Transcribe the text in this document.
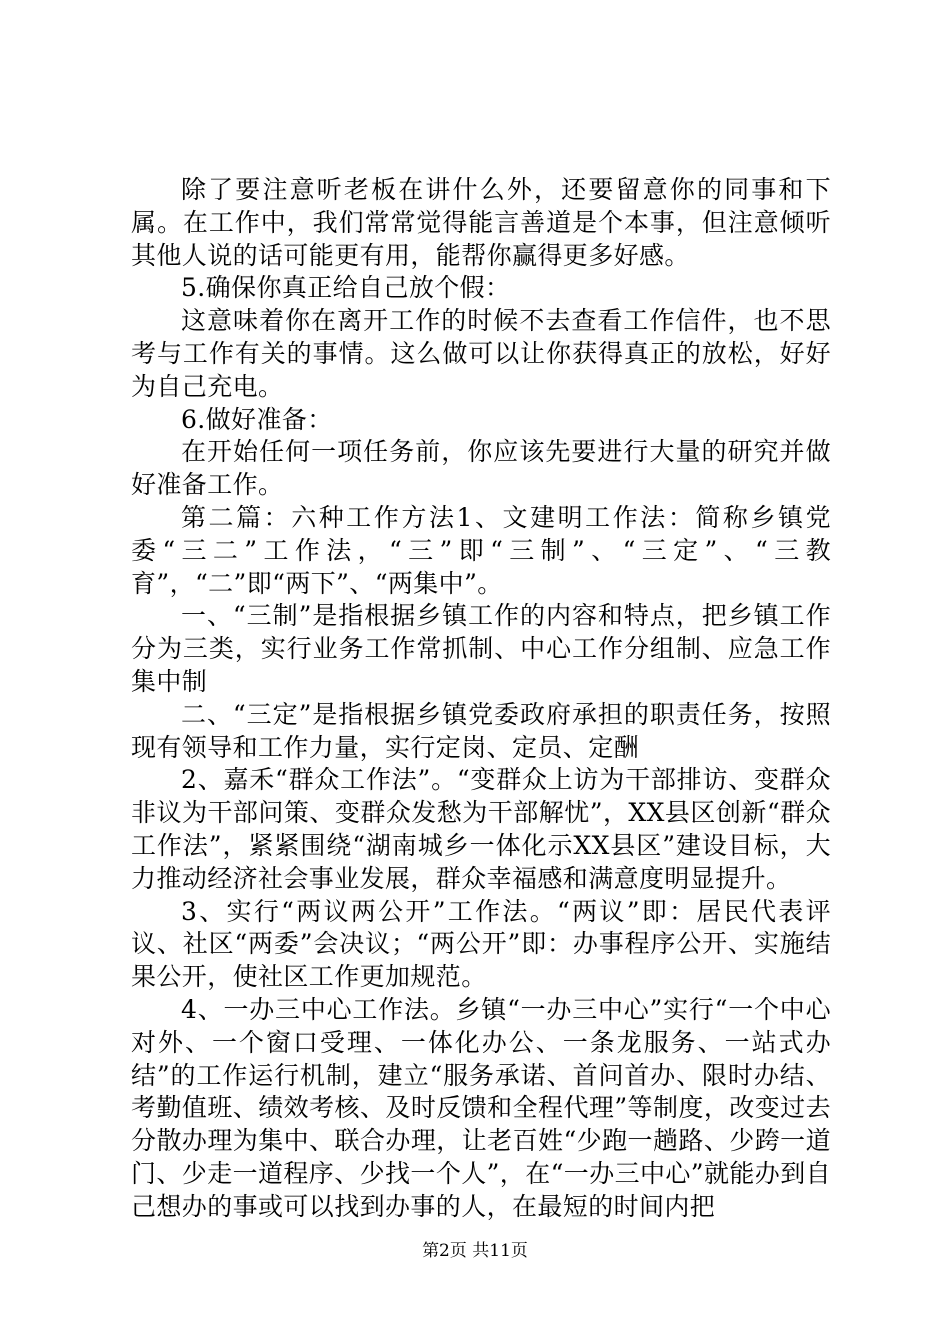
除了要注意听老板在讲什么外，还要留意你的同事和下属。在工作中，我们常常觉得能言善道是个本事，但注意倾听其他人说的话可能更有用，能帮你赢得更多好感。

5.确保你真正给自己放个假：

这意味着你在离开工作的时候不去查看工作信件，也不思考与工作有关的事情。这么做可以让你获得真正的放松，好好为自己充电。

6.做好准备：

在开始任何一项任务前，你应该先要进行大量的研究并做好准备工作。

第二篇：六种工作方法1、文建明工作法：简称乡镇党委“三二”工作法，“三”即“三制”、“三定”、“三教育”，“二”即“两下”、“两集中”。

一、“三制”是指根据乡镇工作的内容和特点，把乡镇工作分为三类，实行业务工作常抓制、中心工作分组制、应急工作集中制

二、“三定”是指根据乡镇党委政府承担的职责任务，按照现有领导和工作力量，实行定岗、定员、定酬

2、嘉禾“群众工作法”。“变群众上访为干部排访、变群众非议为干部问策、变群众发愁为干部解忧”，XX县区创新“群众工作法”，紧紧围绕“湖南城乡一体化示XX县区”建设目标，大力推动经济社会事业发展，群众幸福感和满意度明显提升。

3、实行“两议两公开”工作法。“两议”即：居民代表评议、社区“两委”会决议；“两公开”即：办事程序公开、实施结果公开，使社区工作更加规范。

4、一办三中心工作法。乡镇“一办三中心”实行“一个中心对外、一个窗口受理、一体化办公、一条龙服务、一站式办结”的工作运行机制，建立“服务承诺、首问首办、限时办结、考勤值班、绩效考核、及时反馈和全程代理”等制度，改变过去分散办理为集中、联合办理，让老百姓“少跑一趟路、少跨一道门、少走一道程序、少找一个人”，在“一办三中心”就能办到自己想办的事或可以找到办事的人，在最短的时间内把

第2页 共11页
